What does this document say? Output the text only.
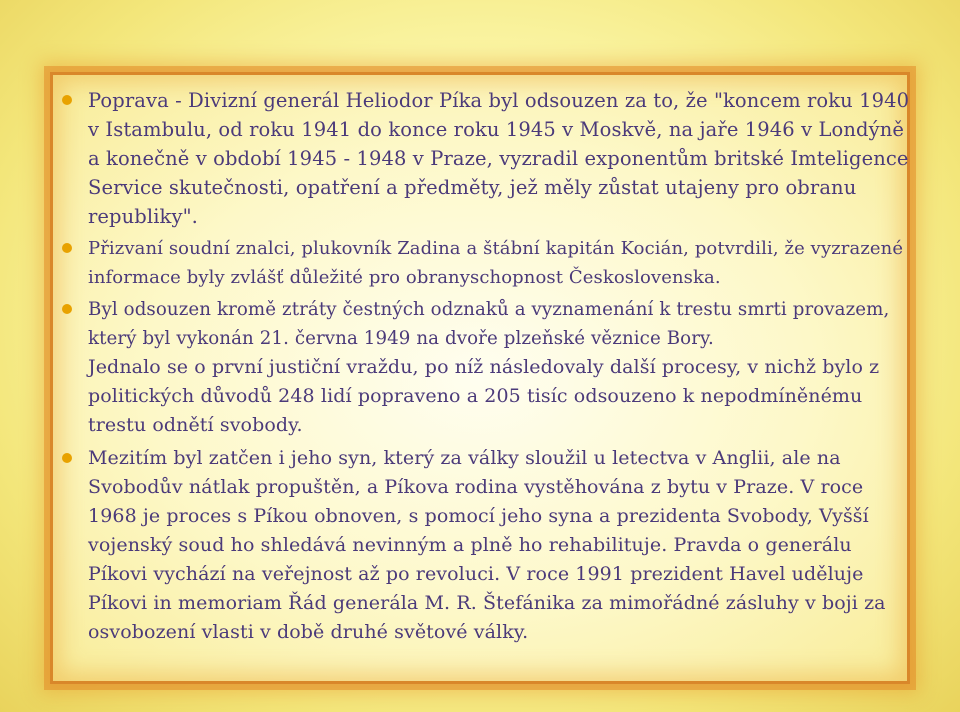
Poprava - Divizní generál Heliodor Píka byl odsouzen za to, že "koncem roku 1940 v Istambulu, od roku 1941 do konce roku 1945 v Moskvě, na jaře 1946 v Londýně a konečně v období 1945 - 1948 v Praze, vyzradil exponentům britské Imteligence Service skutečnosti, opatření a předměty, jež měly zůstat utajeny pro obranu republiky".
Přizvaní soudní znalci, plukovník Zadina a štábní kapitán Kocián, potvrdili, že vyzrazené informace byly zvlášť důležité pro obranyschopnost Československa.
Byl odsouzen kromě ztráty čestných odznaků a vyznamenání k trestu smrti provazem, který byl vykonán 21. června 1949 na dvoře plzeňské věznice Bory.
Jednalo se o první justiční vraždu, po níž následovaly další procesy, v nichž bylo z politických důvodů 248 lidí popraveno a 205 tisíc odsouzeno k nepodmíněnému trestu odnětí svobody.
Mezitím byl zatčen i jeho syn, který za války sloužil u letectva v Anglii, ale na Svobodův nátlak propuštěn, a Píkova rodina vystěhována z bytu v Praze. V roce 1968 je proces s Píkou obnoven, s pomocí jeho syna a prezidenta Svobody, Vyšší vojenský soud ho shledává nevinným a plně ho rehabilituje. Pravda o generálu Píkovi vychází na veřejnost až po revoluci. V roce 1991 prezident Havel uděluje Píkovi in memoriam Řád generála M. R. Štefánika za mimořádné zásluhy v boji za osvobození vlasti v době druhé světové války.
